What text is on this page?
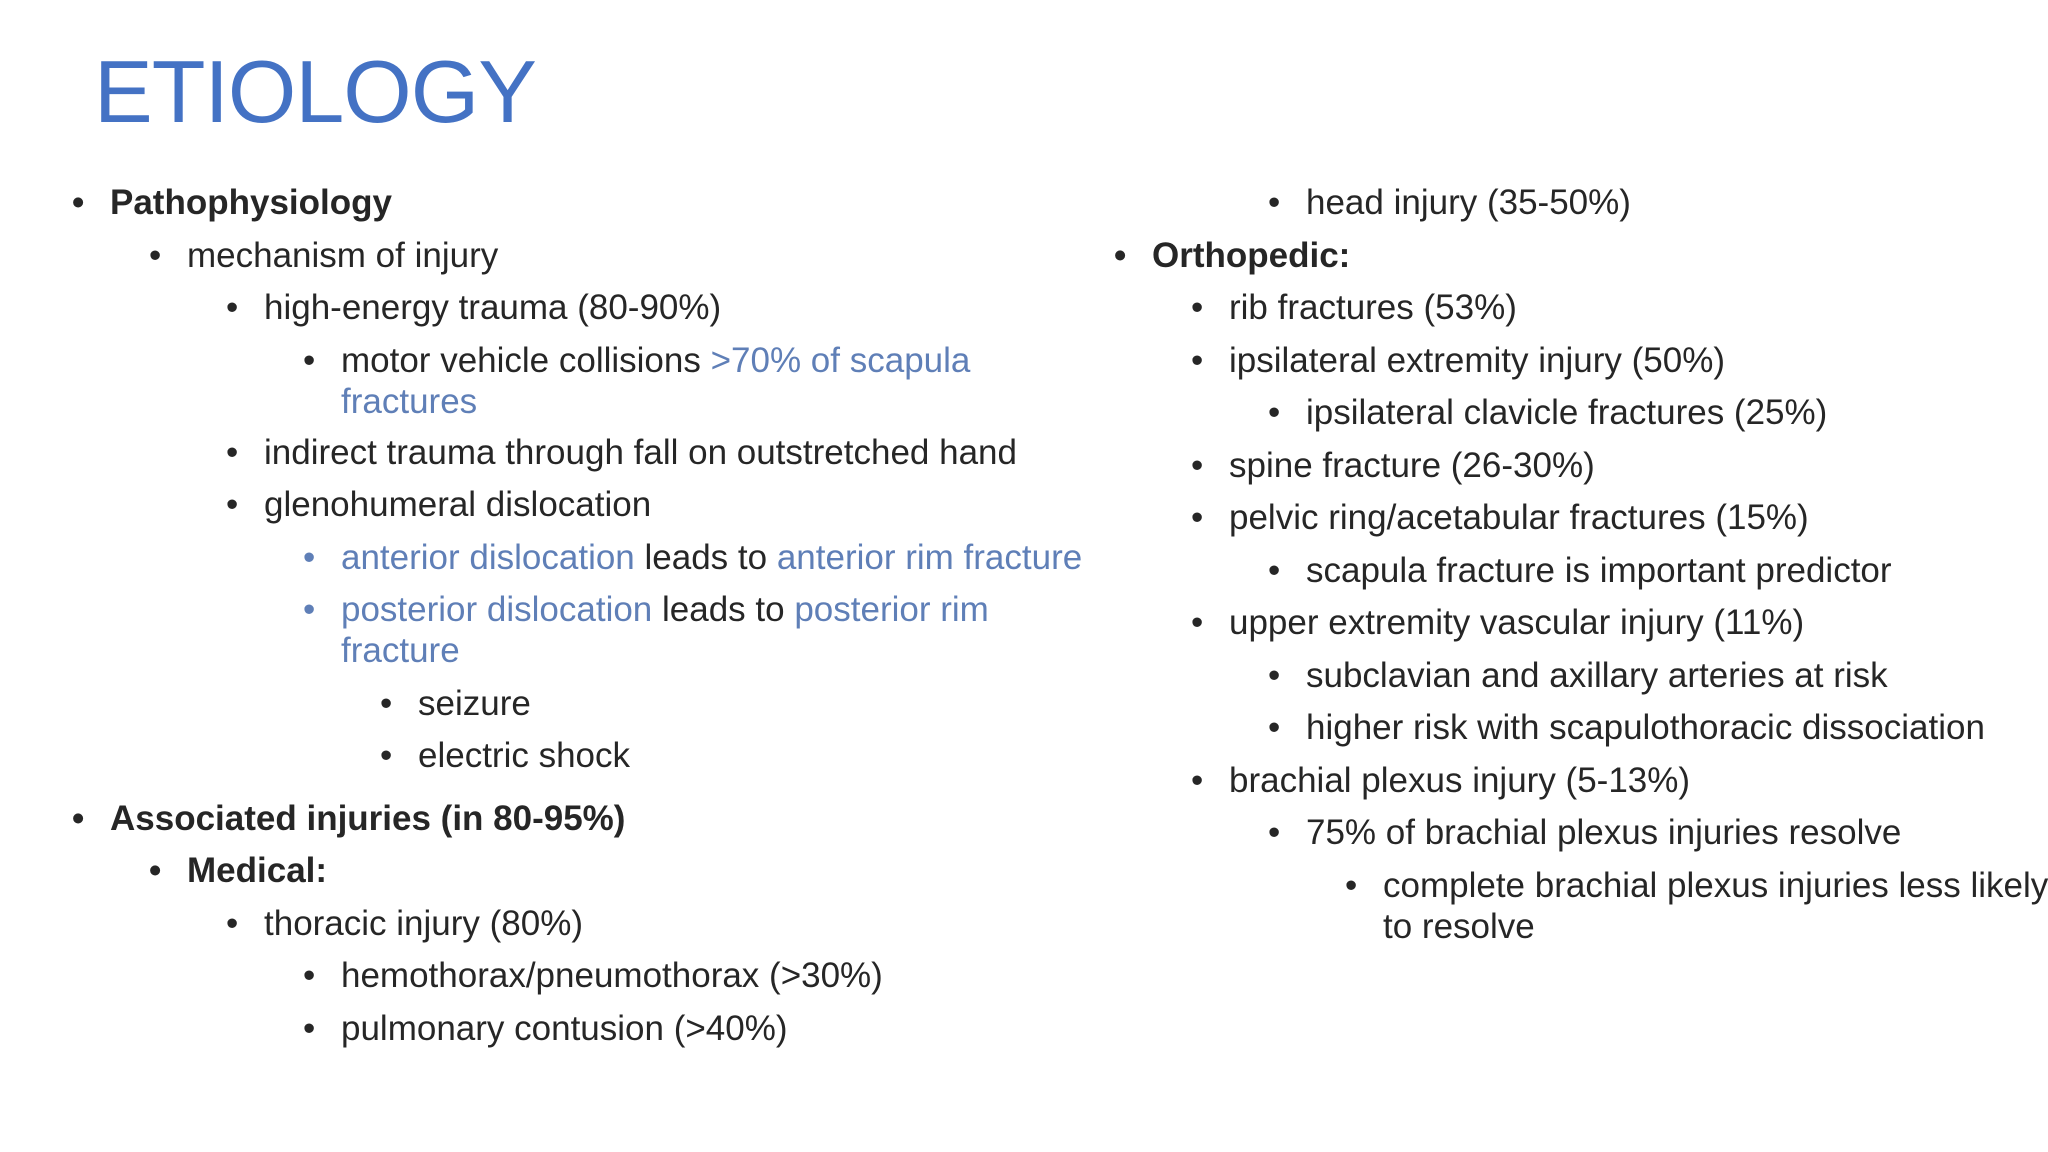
ETIOLOGY
• Pathophysiology
• mechanism of injury
• high-energy trauma (80-90%)
• motor vehicle collisions >70% of scapula
fractures
• indirect trauma through fall on outstretched hand
• glenohumeral dislocation
• anterior dislocation leads to anterior rim fracture
• posterior dislocation leads to posterior rim
fracture
• seizure
• electric shock
• Associated injuries (in 80-95%)
• Medical:
• thoracic injury (80%)
• hemothorax/pneumothorax (>30%)
• pulmonary contusion (>40%)
• head injury (35-50%)
• Orthopedic:
• rib fractures (53%)
• ipsilateral extremity injury (50%)
• ipsilateral clavicle fractures (25%)
• spine fracture (26-30%)
• pelvic ring/acetabular fractures (15%)
• scapula fracture is important predictor
• upper extremity vascular injury (11%)
• subclavian and axillary arteries at risk
• higher risk with scapulothoracic dissociation
• brachial plexus injury (5-13%)
• 75% of brachial plexus injuries resolve
• complete brachial plexus injuries less likely
to resolve
